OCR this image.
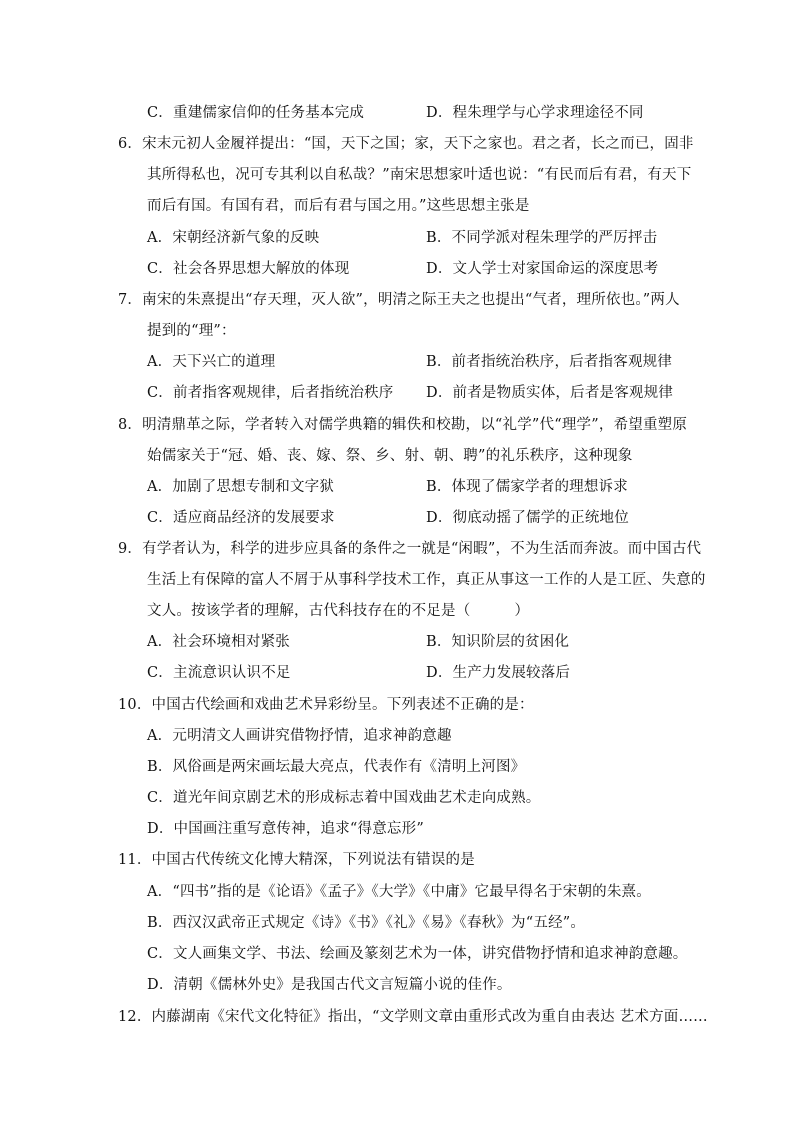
C．重建儒家信仰的任务基本完成	D．程朱理学与心学求理途径不同
6．宋末元初人金履祥提出：“国，天下之国；家，天下之家也。君之者，长之而已，固非
其所得私也，况可专其利以自私哉？”南宋思想家叶适也说：“有民而后有君，有天下
而后有国。有国有君，而后有君与国之用。”这些思想主张是
A．宋朝经济新气象的反映	B．不同学派对程朱理学的严厉抨击
C．社会各界思想大解放的体现	D．文人学士对家国命运的深度思考
7．南宋的朱熹提出“存天理，灭人欲”，明清之际王夫之也提出“气者，理所依也。”两人
提到的“理”：
A．天下兴亡的道理	B．前者指统治秩序，后者指客观规律
C．前者指客观规律，后者指统治秩序 D．前者是物质实体，后者是客观规律
8．明清鼎革之际，学者转入对儒学典籍的辑佚和校勘，以“礼学”代“理学”，希望重塑原
始儒家关于“冠、婚、丧、嫁、祭、乡、射、朝、聘”的礼乐秩序，这种现象
A．加剧了思想专制和文字狱	B．体现了儒家学者的理想诉求
C．适应商品经济的发展要求	D．彻底动摇了儒学的正统地位
9．有学者认为，科学的进步应具备的条件之一就是“闲暇”，不为生活而奔波。而中国古代
生活上有保障的富人不屑于从事科学技术工作，真正从事这一工作的人是工匠、失意的
文人。按该学者的理解，古代科技存在的不足是（　　　）
A．社会环境相对紧张	B．知识阶层的贫困化
C．主流意识认识不足	D．生产力发展较落后
10．中国古代绘画和戏曲艺术异彩纷呈。下列表述不正确的是：
A．元明清文人画讲究借物抒情，追求神韵意趣
B．风俗画是两宋画坛最大亮点，代表作有《清明上河图》
C．道光年间京剧艺术的形成标志着中国戏曲艺术走向成熟。
D．中国画注重写意传神，追求“得意忘形”
11．中国古代传统文化博大精深，下列说法有错误的是
A．“四书”指的是《论语》《孟子》《大学》《中庸》它最早得名于宋朝的朱熹。
B．西汉汉武帝正式规定《诗》《书》《礼》《易》《春秋》为“五经”。
C．文人画集文学、书法、绘画及篆刻艺术为一体，讲究借物抒情和追求神韵意趣。
D．清朝《儒林外史》是我国古代文言短篇小说的佳作。
12．内藤湖南《宋代文化特征》指出，“文学则文章由重形式改为重自由表达 艺术方面……
